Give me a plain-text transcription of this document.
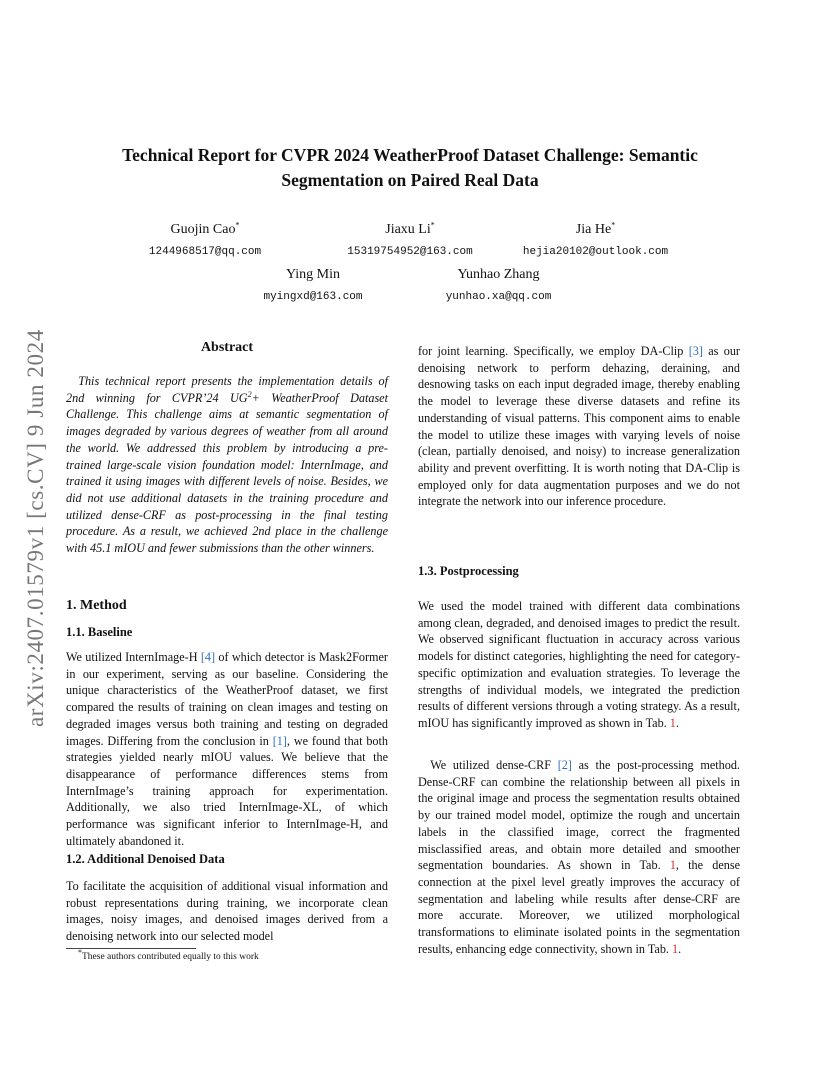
arXiv:2407.01579v1 [cs.CV] 9 Jun 2024
Technical Report for CVPR 2024 WeatherProof Dataset Challenge: Semantic Segmentation on Paired Real Data
Guojin Cao*
1244968517@qq.com
Jiaxu Li*
15319754952@163.com
Jia He*
hejia20102@outlook.com
Ying Min
myingxd@163.com
Yunhao Zhang
yunhao.xa@qq.com
Abstract

This technical report presents the implementation details of 2nd winning for CVPR’24 $UG^2+$ WeatherProof Dataset Challenge. This challenge aims at semantic segmentation of images degraded by various degrees of weather from all around the world. We addressed this problem by introducing a pre-trained large-scale vision foundation model: InternImage, and trained it using images with different levels of noise. Besides, we did not use additional datasets in the training procedure and utilized dense-CRF as post-processing in the final testing procedure. As a result, we achieved 2nd place in the challenge with 45.1 mIOU and fewer submissions than the other winners.

1. Method
1.1. Baseline

We utilized InternImage-H [4] of which detector is Mask2Former in our experiment, serving as our baseline. Considering the unique characteristics of the WeatherProof dataset, we first compared the results of training on clean images and testing on degraded images versus both training and testing on degraded images. Differing from the conclusion in [1], we found that both strategies yielded nearly mIOU values. We believe that the disappearance of performance differences stems from InternImage’s training approach for experimentation. Additionally, we also tried InternImage-XL, of which performance was significant inferior to InternImage-H, and ultimately abandoned it.

1.2. Additional Denoised Data

To facilitate the acquisition of additional visual information and robust representations during training, we incorporate clean images, noisy images, and denoised images derived from a denoising network into our selected model

for joint learning. Specifically, we employ DA-Clip [3] as our denoising network to perform dehazing, deraining, and desnowing tasks on each input degraded image, thereby enabling the model to leverage these diverse datasets and refine its understanding of visual patterns. This component aims to enable the model to utilize these images with varying levels of noise (clean, partially denoised, and noisy) to increase generalization ability and prevent overfitting. It is worth noting that DA-Clip is employed only for data augmentation purposes and we do not integrate the network into our inference procedure.

1.3. Postprocessing

We used the model trained with different data combinations among clean, degraded, and denoised images to predict the result. We observed significant fluctuation in accuracy across various models for distinct categories, highlighting the need for category-specific optimization and evaluation strategies. To leverage the strengths of individual models, we integrated the prediction results of different versions through a voting strategy. As a result, mIOU has significantly improved as shown in Tab. 1.

We utilized dense-CRF [2] as the post-processing method. Dense-CRF can combine the relationship between all pixels in the original image and process the segmentation results obtained by our trained model model, optimize the rough and uncertain labels in the classified image, correct the fragmented misclassified areas, and obtain more detailed and smoother segmentation boundaries. As shown in Tab. 1, the dense connection at the pixel level greatly improves the accuracy of segmentation and labeling while results after dense-CRF are more accurate. Moreover, we utilized morphological transformations to eliminate isolated points in the segmentation results, enhancing edge connectivity, shown in Tab. 1.

*These authors contributed equally to this work
